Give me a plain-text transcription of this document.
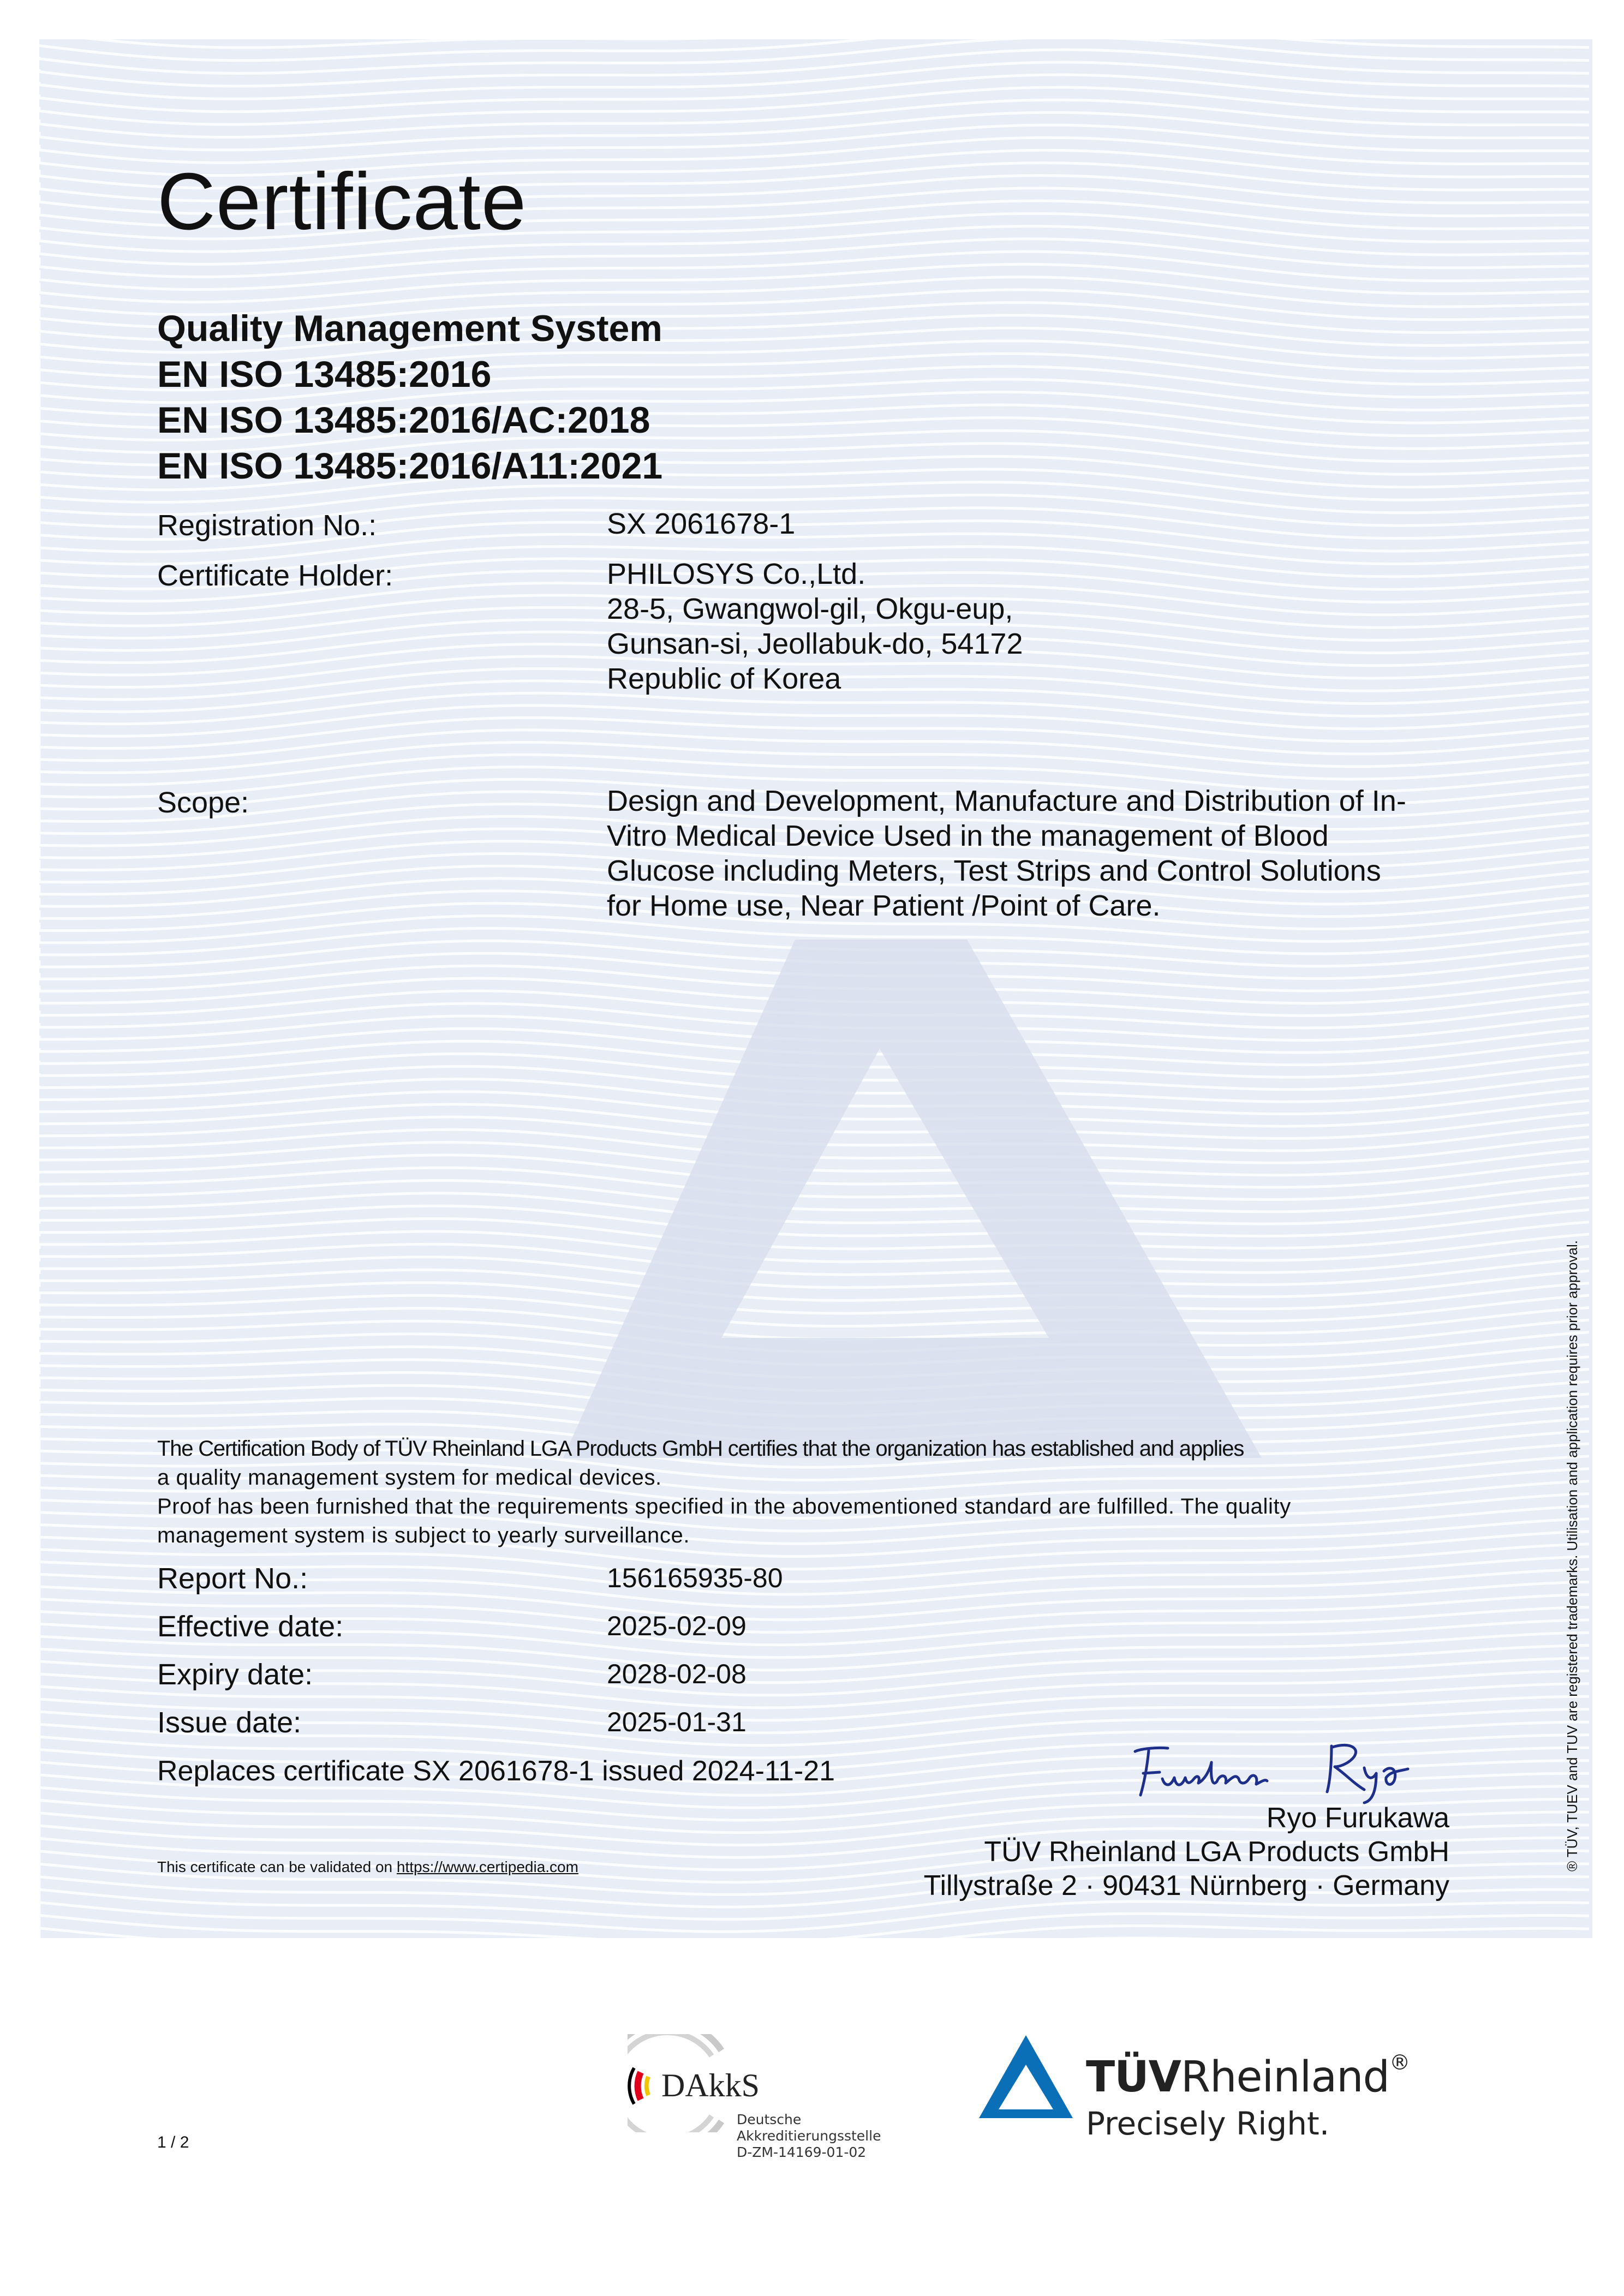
Certificate
Quality Management System
EN ISO 13485:2016
EN ISO 13485:2016/AC:2018
EN ISO 13485:2016/A11:2021
Registration No.:	SX 2061678-1
Certificate Holder:	PHILOSYS Co.,Ltd.
28-5, Gwangwol-gil, Okgu-eup,
Gunsan-si, Jeollabuk-do, 54172
Republic of Korea
Scope:	Design and Development, Manufacture and Distribution of In-
Vitro Medical Device Used in the management of Blood
Glucose including Meters, Test Strips and Control Solutions
for Home use, Near Patient /Point of Care.
The Certification Body of TÜV Rheinland LGA Products GmbH certifies that the organization has established and applies
a quality management system for medical devices.
Proof has been furnished that the requirements specified in the abovementioned standard are fulfilled. The quality
management system is subject to yearly surveillance.
Report No.:	156165935-80
Effective date:	2025-02-09
Expiry date:	2028-02-08
Issue date:	2025-01-31
Replaces certificate SX 2061678-1 issued 2024-11-21
This certificate can be validated on https://www.certipedia.com
Ryo Furukawa
TÜV Rheinland LGA Products GmbH
Tillystraße 2 · 90431 Nürnberg · Germany
® TÜV, TUEV and TUV are registered trademarks. Utilisation and application requires prior approval.
1 / 2
DAkkS
Deutsche
Akkreditierungsstelle
D-ZM-14169-01-02
TÜVRheinland®
Precisely Right.
